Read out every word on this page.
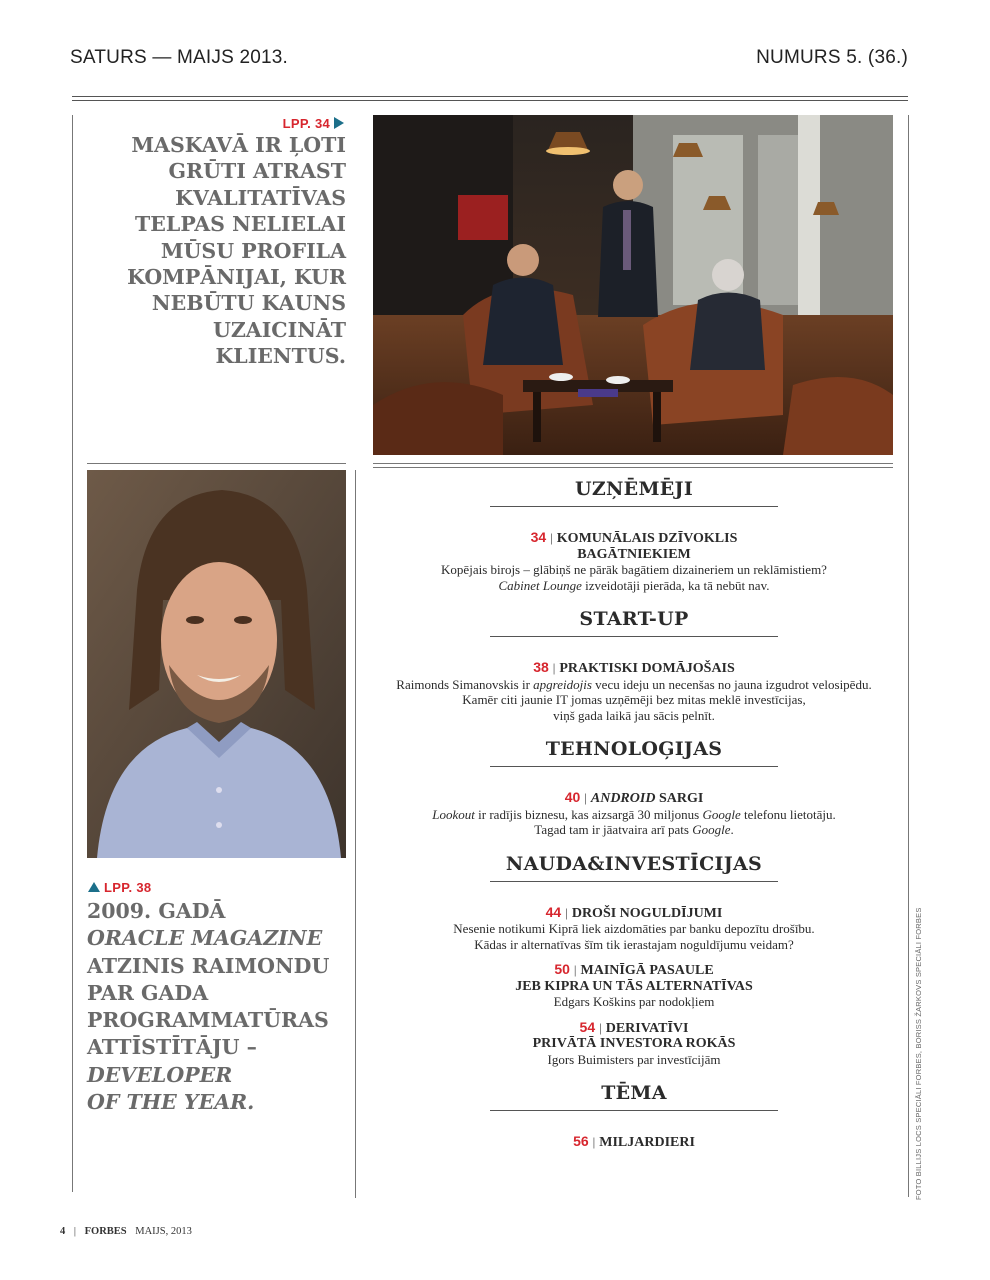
SATURS — MAIJS 2013.	NUMURS 5. (36.)
LPP. 34
MASKAVĀ IR ĻOTI
GRŪTI ATRAST
KVALITATĪVAS
TELPAS NELIELAI
MŪSU PROFILA
KOMPĀNIJAI, KUR
NEBŪTU KAUNS
UZAICINĀT
KLIENTUS.
LPP. 38
2009. GADĀ
ORACLE MAGAZINE
ATZINIS RAIMONDU
PAR GADA
PROGRAMMATŪRAS
ATTĪSTĪTĀJU –
DEVELOPER
OF THE YEAR.
UZŅĒMĒJI
34 | KOMUNĀLAIS DZĪVOKLIS
BAGĀTNIEKIEM
Kopējais birojs – glābiņš ne pārāk bagātiem dizaineriem un reklāmistiem?
Cabinet Lounge izveidotāji pierāda, ka tā nebūt nav.
START-UP
38 | PRAKTISKI DOMĀJOŠAIS
Raimonds Simanovskis ir apgreidojis vecu ideju un necenšas no jauna izgudrot velosipēdu.
Kamēr citi jaunie IT jomas uzņēmēji bez mitas meklē investīcijas,
viņš gada laikā jau sācis pelnīt.
TEHNOLOĢIJAS
40 | ANDROID SARGI
Lookout ir radījis biznesu, kas aizsargā 30 miljonus Google telefonu lietotāju.
Tagad tam ir jāatvaira arī pats Google.
NAUDA&INVESTĪCIJAS
44 | DROŠI NOGULDĪJUMI
Nesenie notikumi Kiprā liek aizdomāties par banku depozītu drošību.
Kādas ir alternatīvas šīm tik ierastajam noguldījumu veidam?
50 | MAINĪGĀ PASAULE
JEB KIPRA UN TĀS ALTERNATĪVAS
Edgars Koškins par nodokļiem
54 | DERIVATĪVI
PRIVĀTĀ INVESTORA ROKĀS
Igors Buimisters par investīcijām
TĒMA
56 | MILJARDIERI	FOTO BILLIJS LOCS SPECIĀLI FORBES, BORISS ŽARKOVS SPECIĀLI FORBES
4 | FORBES MAIJS, 2013
